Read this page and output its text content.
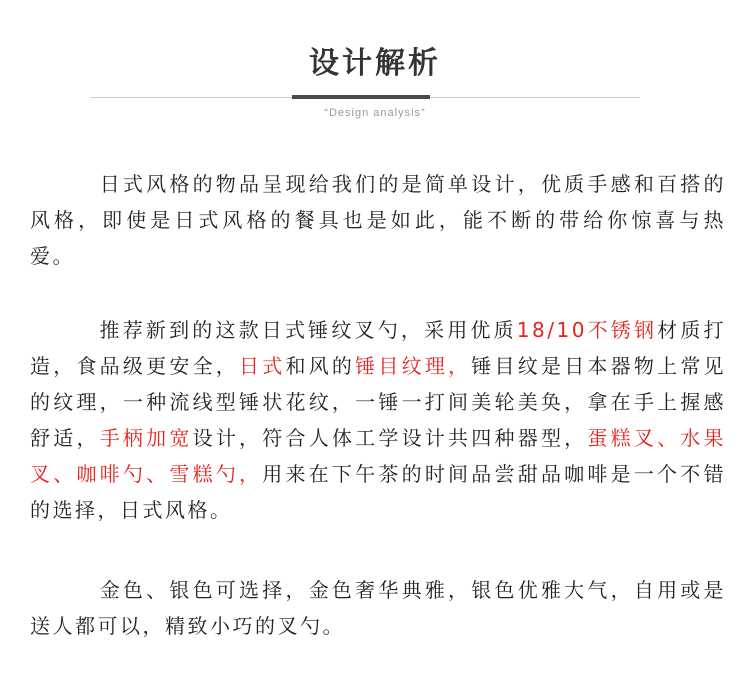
设计解析
“Design analysis”
　　　日式风格的物品呈现给我们的是简单设计，优质手感和百搭的风格，即使是日式风格的餐具也是如此，能不断的带给你惊喜与热爱。
　　　推荐新到的这款日式锤纹叉勺，采用优质18/10不锈钢材质打造，食品级更安全，日式和风的锤目纹理，锤目纹是日本器物上常见的纹理，一种流线型锤状花纹，一锤一打间美轮美奂，拿在手上握感舒适，手柄加宽设计，符合人体工学设计共四种器型，蛋糕叉、水果叉、咖啡勺、雪糕勺，用来在下午茶的时间品尝甜品咖啡是一个不错的选择，日式风格。
　　　金色、银色可选择，金色奢华典雅，银色优雅大气，自用或是送人都可以，精致小巧的叉勺。
